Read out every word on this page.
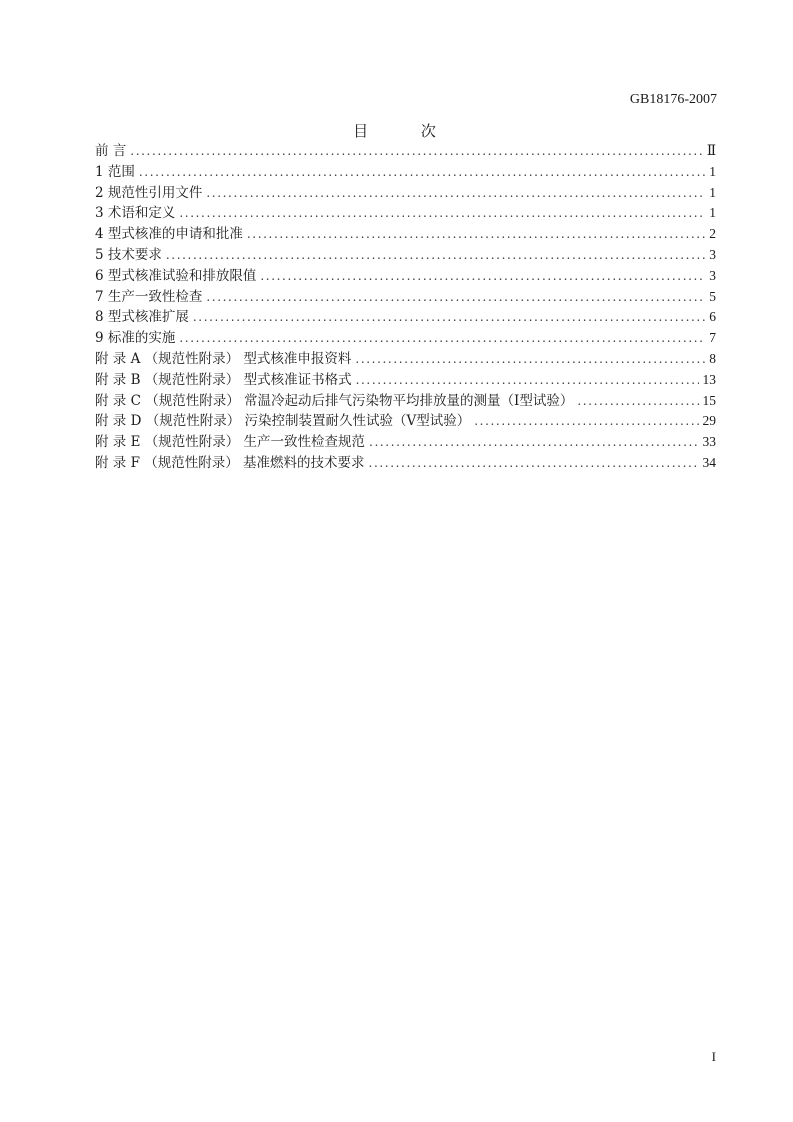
GB18176-2007
目 次
前 言 .....	Ⅱ
1 范围 .....	1
2 规范性引用文件 .....	1
3 术语和定义 .....	1
4 型式核准的申请和批准 .....	2
5 技术要求 .....	3
6 型式核准试验和排放限值 .....	3
7 生产一致性检查 .....	5
8 型式核准扩展 .....	6
9 标准的实施 .....	7
附 录 A （规范性附录） 型式核准申报资料 .....	8
附 录 B （规范性附录） 型式核准证书格式 .....	13
附 录 C （规范性附录） 常温冷起动后排气污染物平均排放量的测量（Ⅰ型试验） .....	15
附 录 D （规范性附录） 污染控制装置耐久性试验（Ⅴ型试验） .....	29
附 录 E （规范性附录） 生产一致性检查规范 .....	33
附 录 F （规范性附录） 基准燃料的技术要求 .....	34
I
